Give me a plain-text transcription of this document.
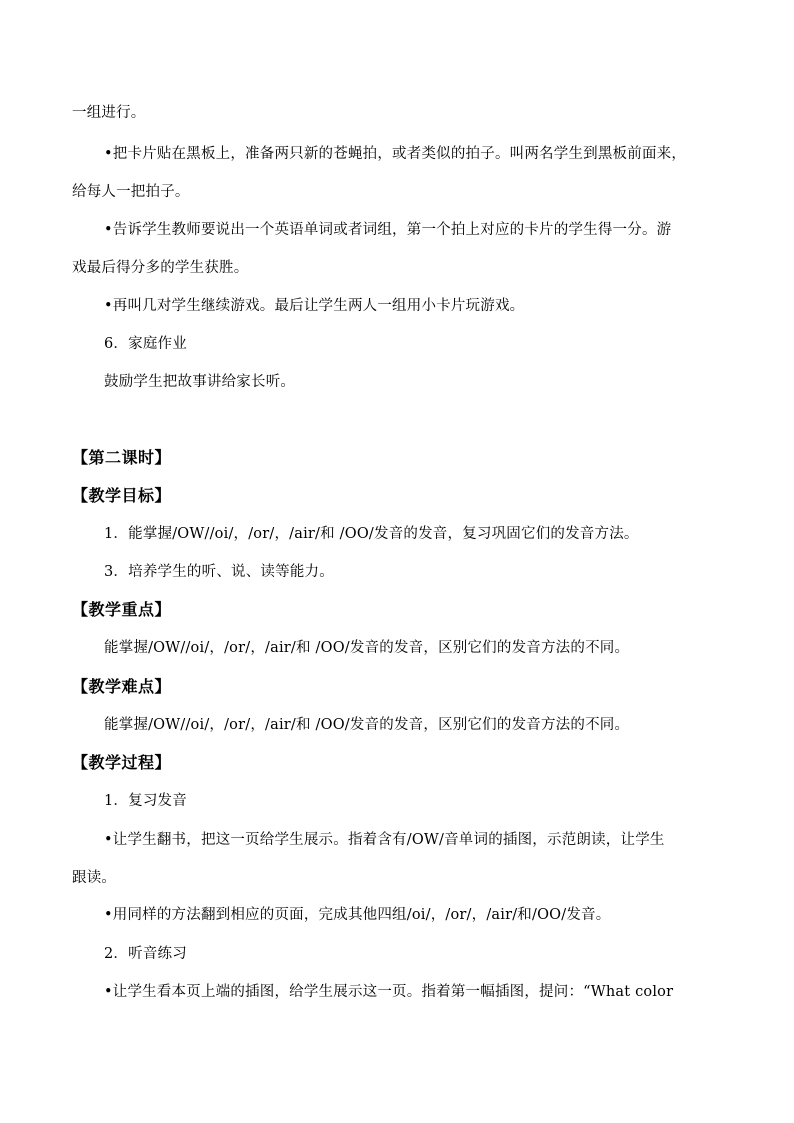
一组进行。
•把卡片贴在黑板上，准备两只新的苍蝇拍，或者类似的拍子。叫两名学生到黑板前面来，
给每人一把拍子。
•告诉学生教师要说出一个英语单词或者词组，第一个拍上对应的卡片的学生得一分。游
戏最后得分多的学生获胜。
•再叫几对学生继续游戏。最后让学生两人一组用小卡片玩游戏。
6．家庭作业
鼓励学生把故事讲给家长听。
【第二课时】
【教学目标】
1．能掌握/OW//oi/，/or/，/air/和 /OO/发音的发音，复习巩固它们的发音方法。
3．培养学生的听、说、读等能力。
【教学重点】
能掌握/OW//oi/，/or/，/air/和 /OO/发音的发音，区别它们的发音方法的不同。
【教学难点】
能掌握/OW//oi/，/or/，/air/和 /OO/发音的发音，区别它们的发音方法的不同。
【教学过程】
1．复习发音
•让学生翻书，把这一页给学生展示。指着含有/OW/音单词的插图，示范朗读，让学生
跟读。
•用同样的方法翻到相应的页面，完成其他四组/oi/，/or/，/air/和/OO/发音。
2．听音练习
•让学生看本页上端的插图，给学生展示这一页。指着第一幅插图，提问：“What color
